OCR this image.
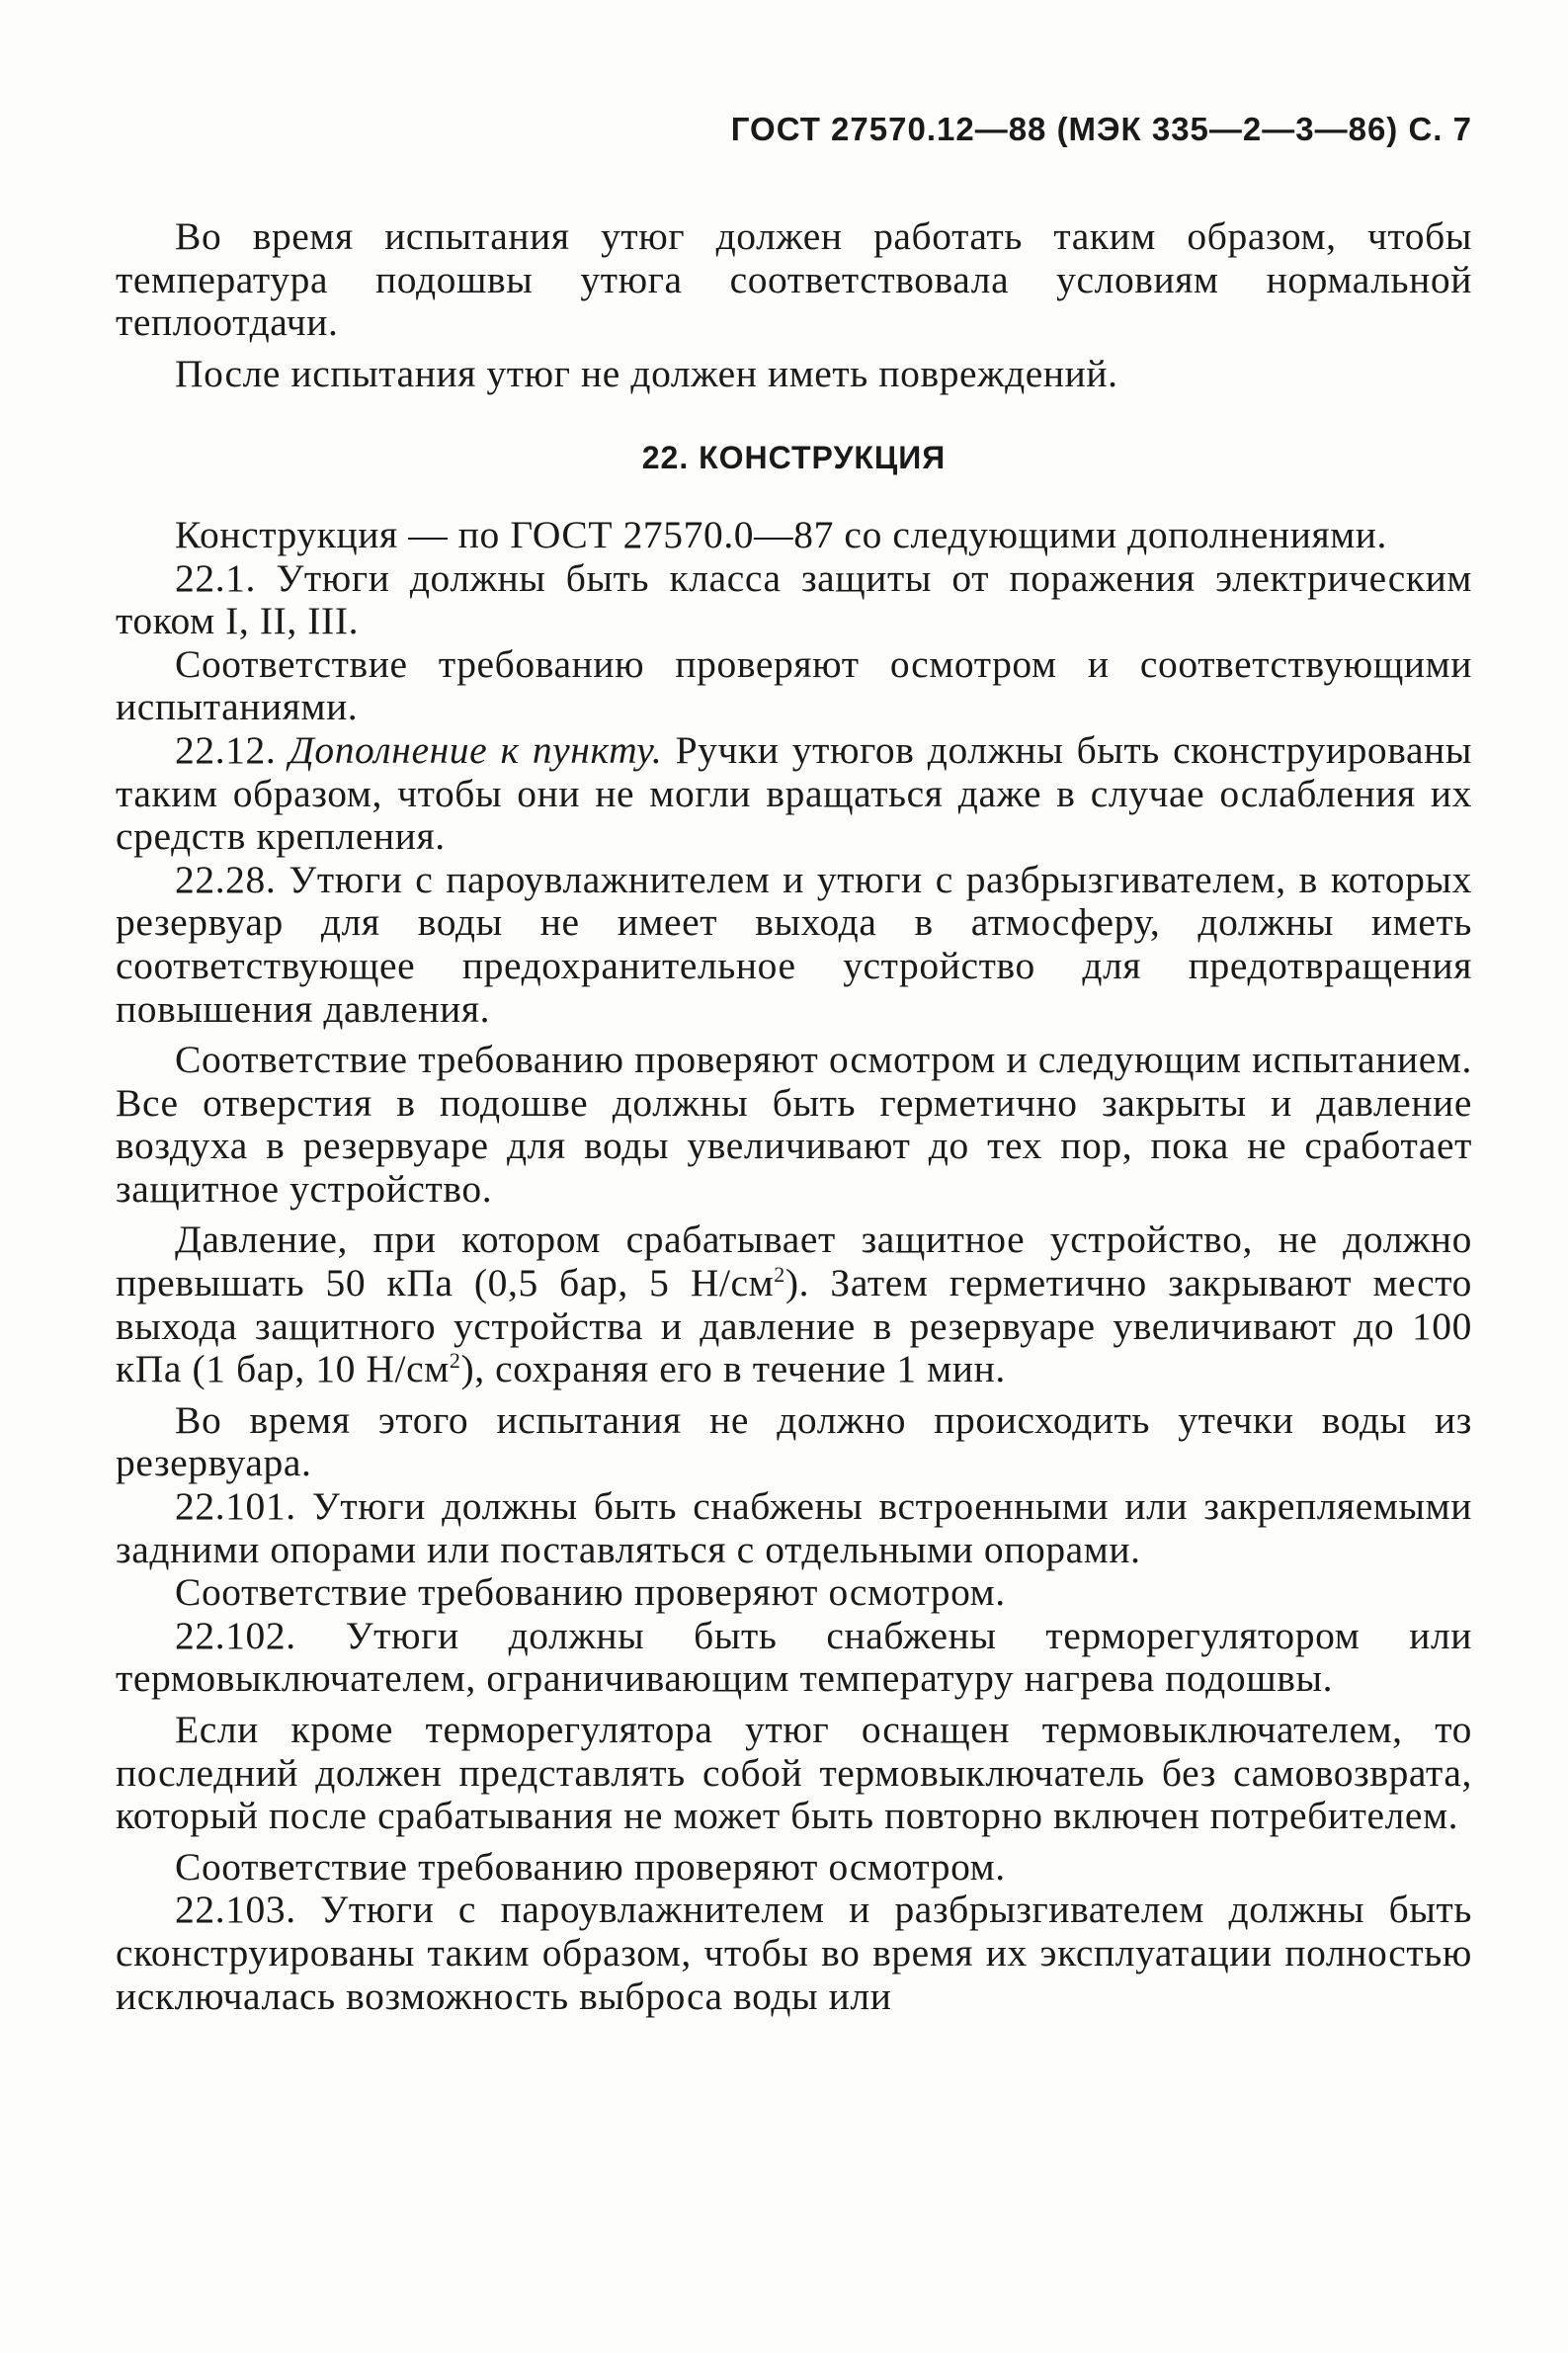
ГОСТ 27570.12—88 (МЭК 335—2—3—86) С. 7

Во время испытания утюг должен работать таким образом, чтобы температура подошвы утюга соответствовала условиям нормальной теплоотдачи.

После испытания утюг не должен иметь повреждений.

22. КОНСТРУКЦИЯ

Конструкция — по ГОСТ 27570.0—87 со следующими дополнениями.

22.1. Утюги должны быть класса защиты от поражения электрическим током I, II, III.

Соответствие требованию проверяют осмотром и соответствующими испытаниями.

22.12. Дополнение к пункту. Ручки утюгов должны быть сконструированы таким образом, чтобы они не могли вращаться даже в случае ослабления их средств крепления.

22.28. Утюги с пароувлажнителем и утюги с разбрызгивателем, в которых резервуар для воды не имеет выхода в атмосферу, должны иметь соответствующее предохранительное устройство для предотвращения повышения давления.

Соответствие требованию проверяют осмотром и следующим испытанием. Все отверстия в подошве должны быть герметично закрыты и давление воздуха в резервуаре для воды увеличивают до тех пор, пока не сработает защитное устройство.

Давление, при котором срабатывает защитное устройство, не должно превышать 50 кПа (0,5 бар, 5 $Н/см^2$). Затем герметично закрывают место выхода защитного устройства и давление в резервуаре увеличивают до 100 кПа (1 бар, 10 $Н/см^2$), сохраняя его в течение 1 мин.

Во время этого испытания не должно происходить утечки воды из резервуара.

22.101. Утюги должны быть снабжены встроенными или закрепляемыми задними опорами или поставляться с отдельными опорами.

Соответствие требованию проверяют осмотром.

22.102. Утюги должны быть снабжены терморегулятором или термовыключателем, ограничивающим температуру нагрева подошвы.

Если кроме терморегулятора утюг оснащен термовыключателем, то последний должен представлять собой термовыключатель без самовозврата, который после срабатывания не может быть повторно включен потребителем.

Соответствие требованию проверяют осмотром.

22.103. Утюги с пароувлажнителем и разбрызгивателем должны быть сконструированы таким образом, чтобы во время их эксплуатации полностью исключалась возможность выброса воды или
